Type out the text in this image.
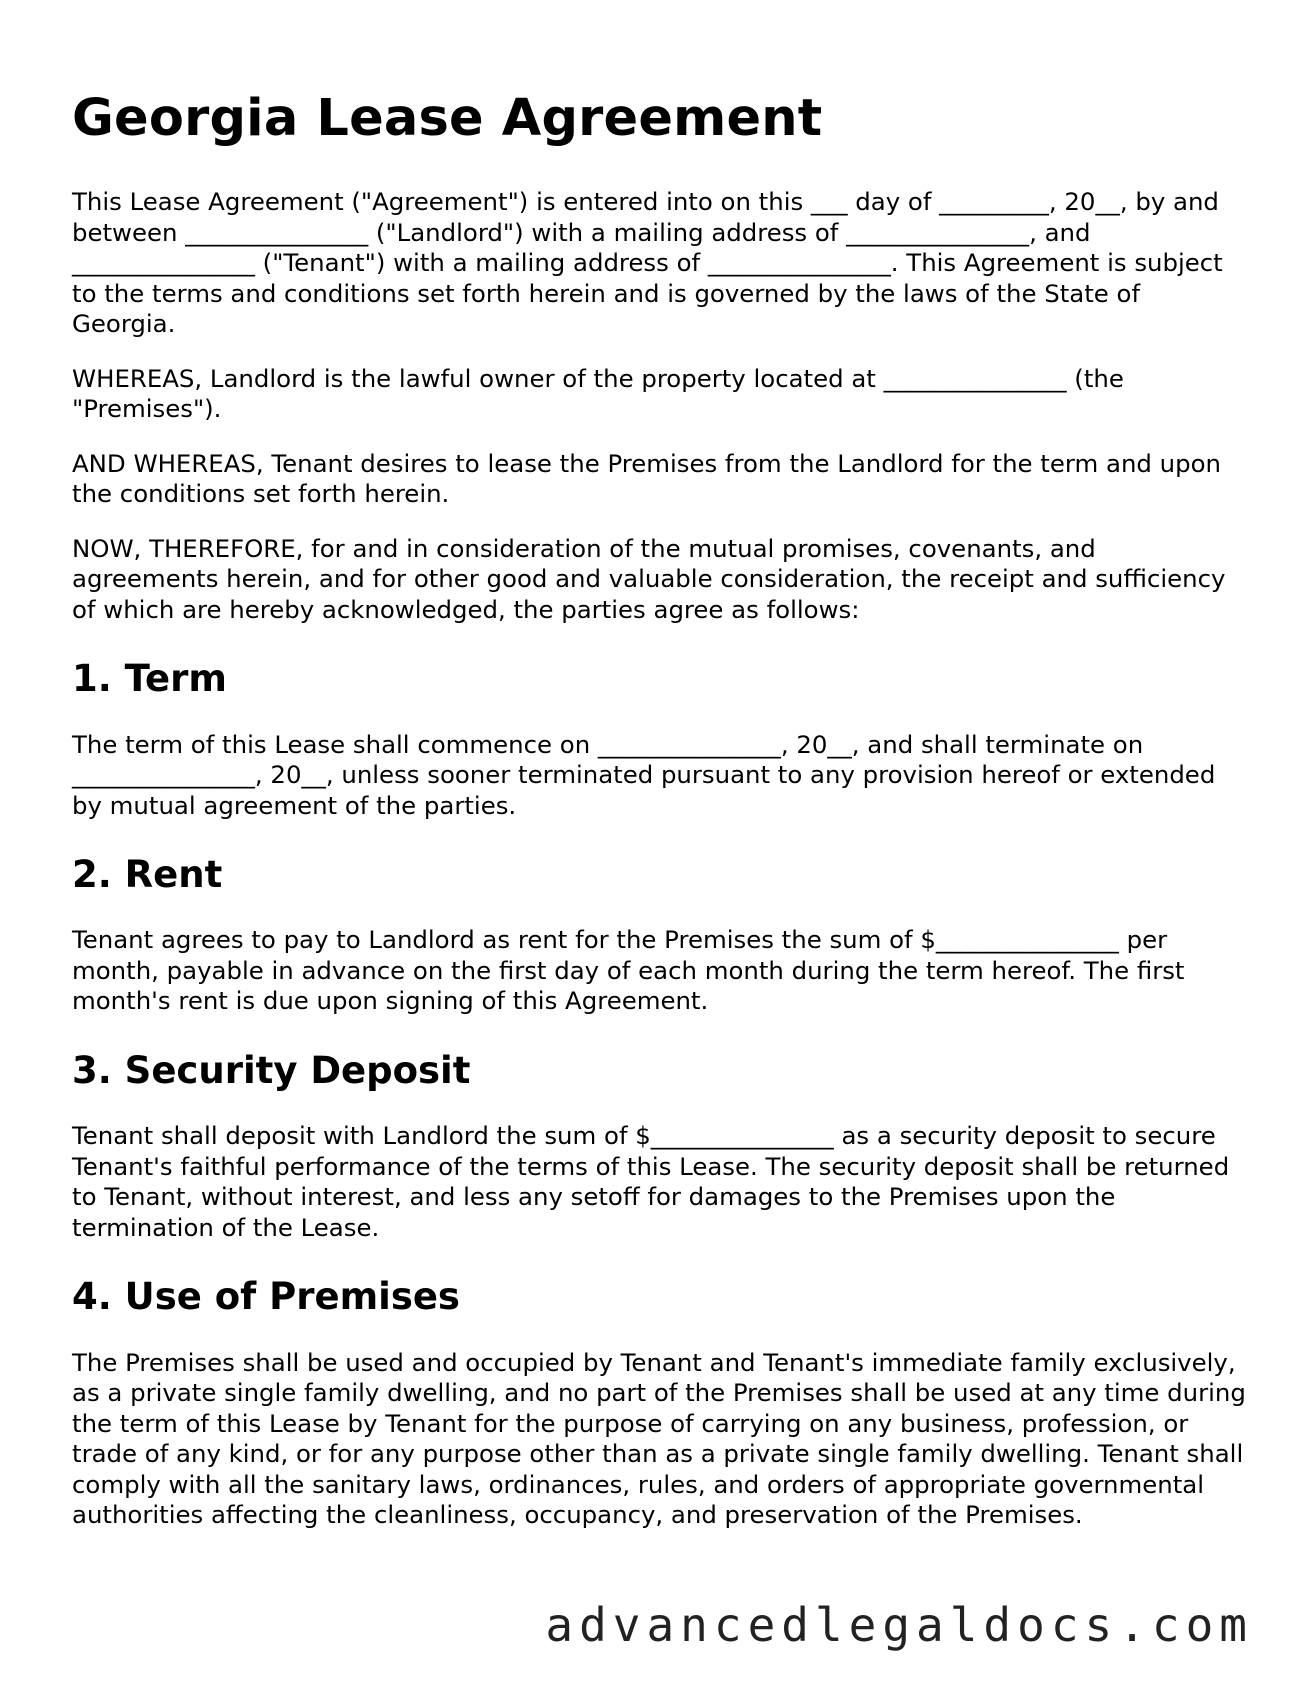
Georgia Lease Agreement

This Lease Agreement ("Agreement") is entered into on this ___ day of _________, 20__, by and between _______________ ("Landlord") with a mailing address of _______________, and _______________ ("Tenant") with a mailing address of _______________. This Agreement is subject to the terms and conditions set forth herein and is governed by the laws of the State of Georgia.

WHEREAS, Landlord is the lawful owner of the property located at _______________ (the "Premises").

AND WHEREAS, Tenant desires to lease the Premises from the Landlord for the term and upon the conditions set forth herein.

NOW, THEREFORE, for and in consideration of the mutual promises, covenants, and agreements herein, and for other good and valuable consideration, the receipt and sufficiency of which are hereby acknowledged, the parties agree as follows:

1. Term

The term of this Lease shall commence on _______________, 20__, and shall terminate on _______________, 20__, unless sooner terminated pursuant to any provision hereof or extended by mutual agreement of the parties.

2. Rent

Tenant agrees to pay to Landlord as rent for the Premises the sum of $_______________ per month, payable in advance on the first day of each month during the term hereof. The first month's rent is due upon signing of this Agreement.

3. Security Deposit

Tenant shall deposit with Landlord the sum of $_______________ as a security deposit to secure Tenant's faithful performance of the terms of this Lease. The security deposit shall be returned to Tenant, without interest, and less any setoff for damages to the Premises upon the termination of the Lease.

4. Use of Premises

The Premises shall be used and occupied by Tenant and Tenant's immediate family exclusively, as a private single family dwelling, and no part of the Premises shall be used at any time during the term of this Lease by Tenant for the purpose of carrying on any business, profession, or trade of any kind, or for any purpose other than as a private single family dwelling. Tenant shall comply with all the sanitary laws, ordinances, rules, and orders of appropriate governmental authorities affecting the cleanliness, occupancy, and preservation of the Premises.

advancedlegaldocs.com
